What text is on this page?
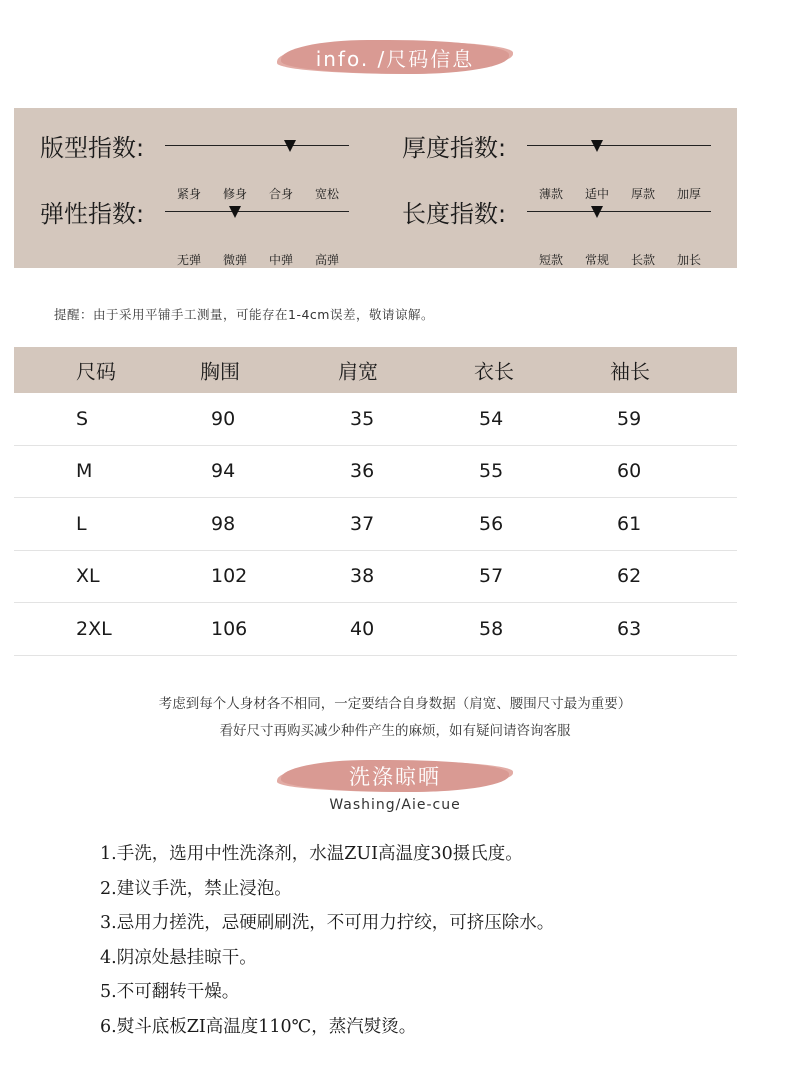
info. /尺码信息
版型指数:
紧身	修身	合身	宽松
厚度指数:
薄款	适中	厚款	加厚
弹性指数:
无弹	微弹	中弹	高弹
长度指数:
短款	常规	长款	加长
提醒：由于采用平铺手工测量，可能存在1-4cm误差，敬请谅解。
尺码	胸围	肩宽	衣长	袖长
S	90	35	54	59
M	94	36	55	60
L	98	37	56	61
XL	102	38	57	62
2XL	106	40	58	63
考虑到每个人身材各不相同，一定要结合自身数据（肩宽、腰围尺寸最为重要）
看好尺寸再购买减少种件产生的麻烦，如有疑问请咨询客服
洗涤晾晒
Washing/Aie-cue
1.手洗，选用中性洗涤剂，水温ZUI高温度30摄氏度。
2.建议手洗，禁止浸泡。
3.忌用力搓洗，忌硬刷刷洗，不可用力拧绞，可挤压除水。
4.阴凉处悬挂晾干。
5.不可翻转干燥。
6.熨斗底板ZI高温度110℃，蒸汽熨烫。
